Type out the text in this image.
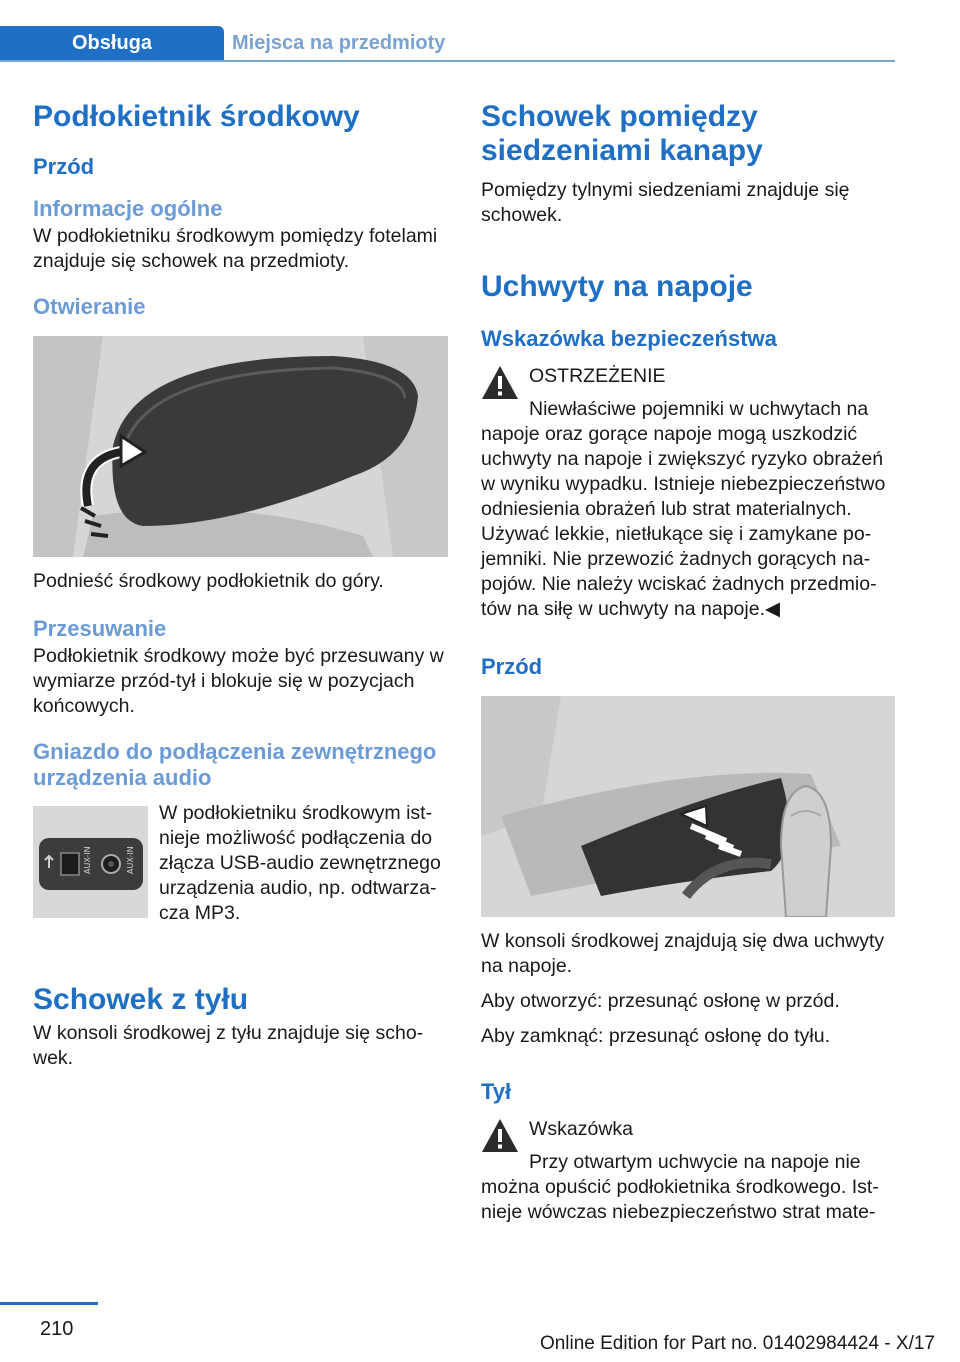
Obsługa	Miejsca na przedmioty
Podłokietnik środkowy
Przód
Informacje ogólne

W podłokietniku środkowym pomiędzy fotelami znajduje się schowek na przedmioty.

Otwieranie

Podnieść środkowy podłokietnik do góry.

Przesuwanie

Podłokietnik środkowy może być przesuwany w wymiarze przód-tył i blokuje się w pozycjach końcowych.

Gniazdo do podłączenia zewnętrznego urządzenia audio
AUX-IN	AUX-IN

W podłokietniku środkowym istnieje możliwość podłączenia do złącza USB-audio zewnętrznego urządzenia audio, np. odtwarzacza MP3.

Schowek z tyłu

W konsoli środkowej z tyłu znajduje się schowek.

Schowek pomiędzy siedzeniami kanapy

Pomiędzy tylnymi siedzeniami znajduje się schowek.

Uchwyty na napoje
Wskazówka bezpieczeństwa

OSTRZEŻENIE

Niewłaściwe pojemniki w uchwytach na napoje oraz gorące napoje mogą uszkodzić uchwyty na napoje i zwiększyć ryzyko obrażeń w wyniku wypadku. Istnieje niebezpieczeństwo odniesienia obrażeń lub strat materialnych. Używać lekkie, nietłukące się i zamykane pojemniki. Nie przewozić żadnych gorących napojów. Nie należy wciskać żadnych przedmiotów na siłę w uchwyty na napoje.◀

Przód

W konsoli środkowej znajdują się dwa uchwyty na napoje.

Aby otworzyć: przesunąć osłonę w przód.

Aby zamknąć: przesunąć osłonę do tyłu.

Tył

Wskazówka

Przy otwartym uchwycie na napoje nie można opuścić podłokietnika środkowego. Istnieje wówczas niebezpieczeństwo strat mate-

210
Online Edition for Part no. 01402984424 - X/17
